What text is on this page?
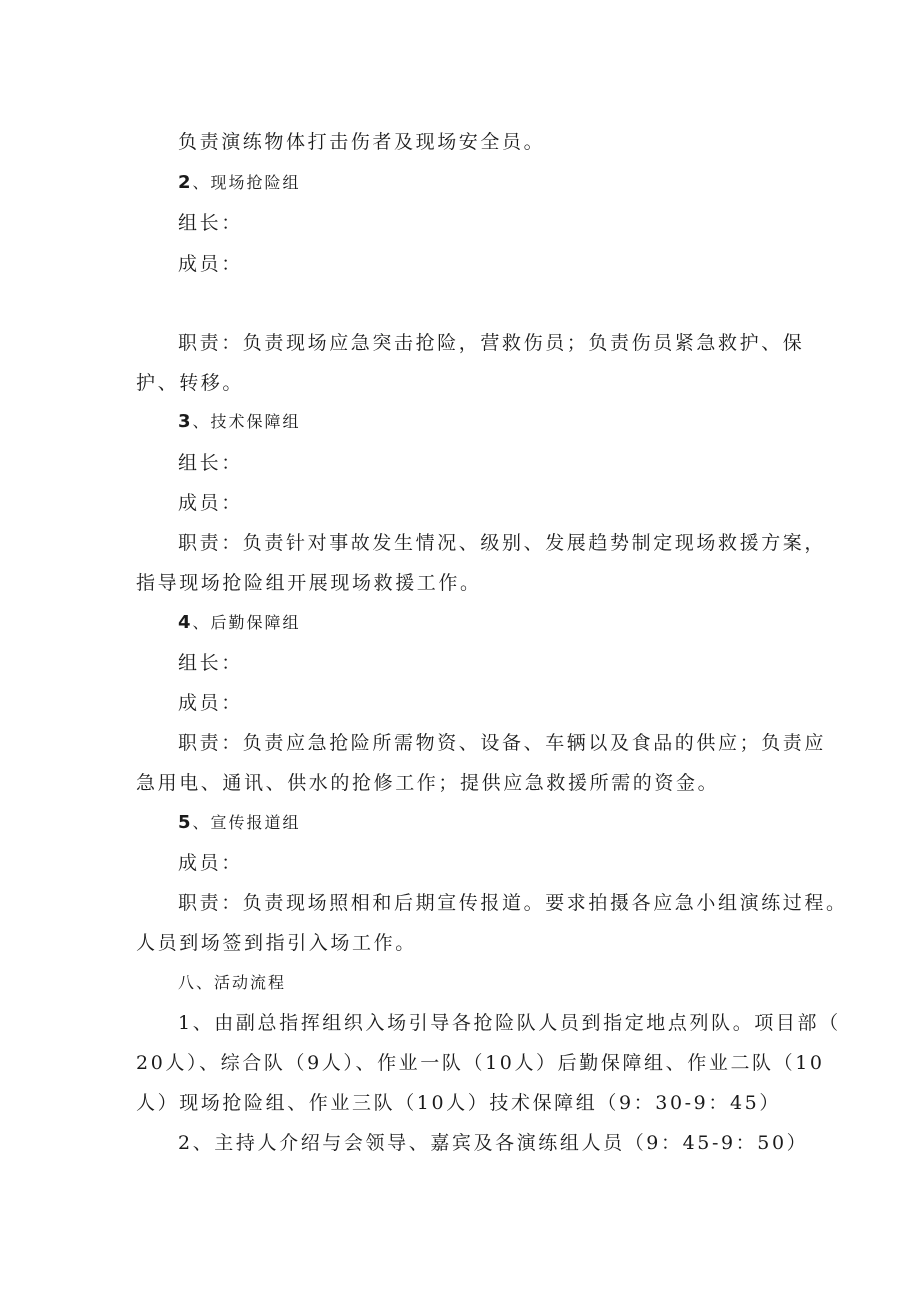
负责演练物体打击伤者及现场安全员。
2 、现场抢险组
组长：
成员：
职责：负责现场应急突击抢险，营救伤员；负责伤员紧急救护、保
护、转移。
3 、技术保障组
组长：
成员：
职责：负责针对事故发生情况、级别、发展趋势制定现场救援方案，
指导现场抢险组开展现场救援工作。
4 、后勤保障组
组长：
成员：
职责：负责应急抢险所需物资、设备、车辆以及食品的供应；负责应
急用电、通讯、供水的抢修工作；提供应急救援所需的资金。
5 、宣传报道组
成员：
职责：负责现场照相和后期宣传报道。要求拍摄各应急小组演练过程。
人员到场签到指引入场工作。
八、活动流程
1、由副总指挥组织入场引导各抢险队人员到指定地点列队。项目部（
20人）、综合队（9人）、作业一队（10人）后勤保障组、作业二队（10
人）现场抢险组、作业三队（10人）技术保障组（9：30-9：45）
2、主持人介绍与会领导、嘉宾及各演练组人员（9：45-9：50）
